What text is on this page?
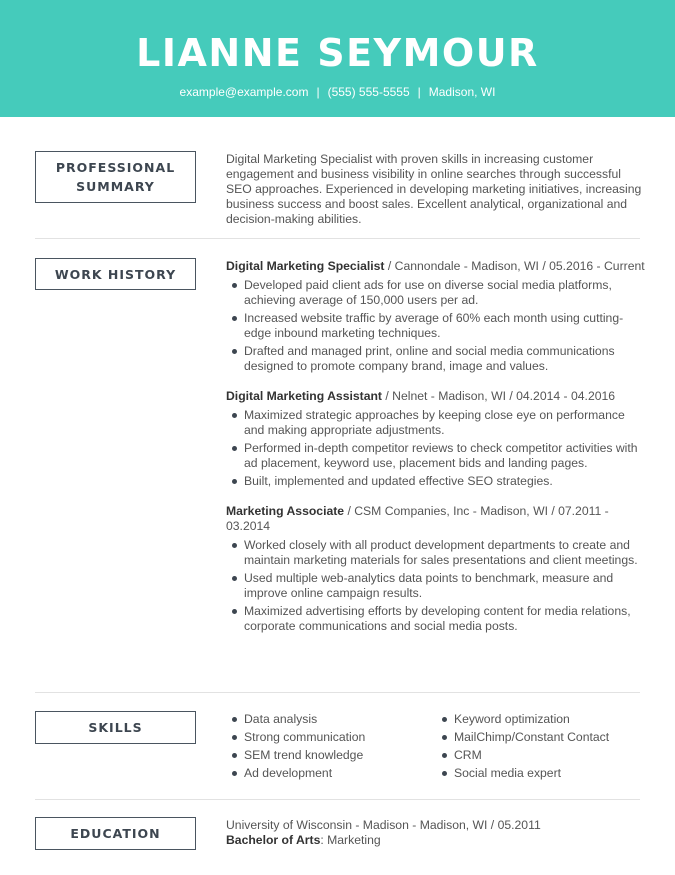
LIANNE SEYMOUR
example@example.com | (555) 555-5555 | Madison, WI
PROFESSIONAL SUMMARY
Digital Marketing Specialist with proven skills in increasing customer engagement and business visibility in online searches through successful SEO approaches. Experienced in developing marketing initiatives, increasing business success and boost sales. Excellent analytical, organizational and decision-making abilities.
WORK HISTORY
Digital Marketing Specialist / Cannondale - Madison, WI / 05.2016 - Current
Developed paid client ads for use on diverse social media platforms, achieving average of 150,000 users per ad.
Increased website traffic by average of 60% each month using cutting-edge inbound marketing techniques.
Drafted and managed print, online and social media communications designed to promote company brand, image and values.
Digital Marketing Assistant / Nelnet - Madison, WI / 04.2014 - 04.2016
Maximized strategic approaches by keeping close eye on performance and making appropriate adjustments.
Performed in-depth competitor reviews to check competitor activities with ad placement, keyword use, placement bids and landing pages.
Built, implemented and updated effective SEO strategies.
Marketing Associate / CSM Companies, Inc - Madison, WI / 07.2011 - 03.2014
Worked closely with all product development departments to create and maintain marketing materials for sales presentations and client meetings.
Used multiple web-analytics data points to benchmark, measure and improve online campaign results.
Maximized advertising efforts by developing content for media relations, corporate communications and social media posts.
SKILLS
Data analysis
Strong communication
SEM trend knowledge
Ad development
Keyword optimization
MailChimp/Constant Contact
CRM
Social media expert
EDUCATION
University of Wisconsin - Madison - Madison, WI / 05.2011
Bachelor of Arts: Marketing
